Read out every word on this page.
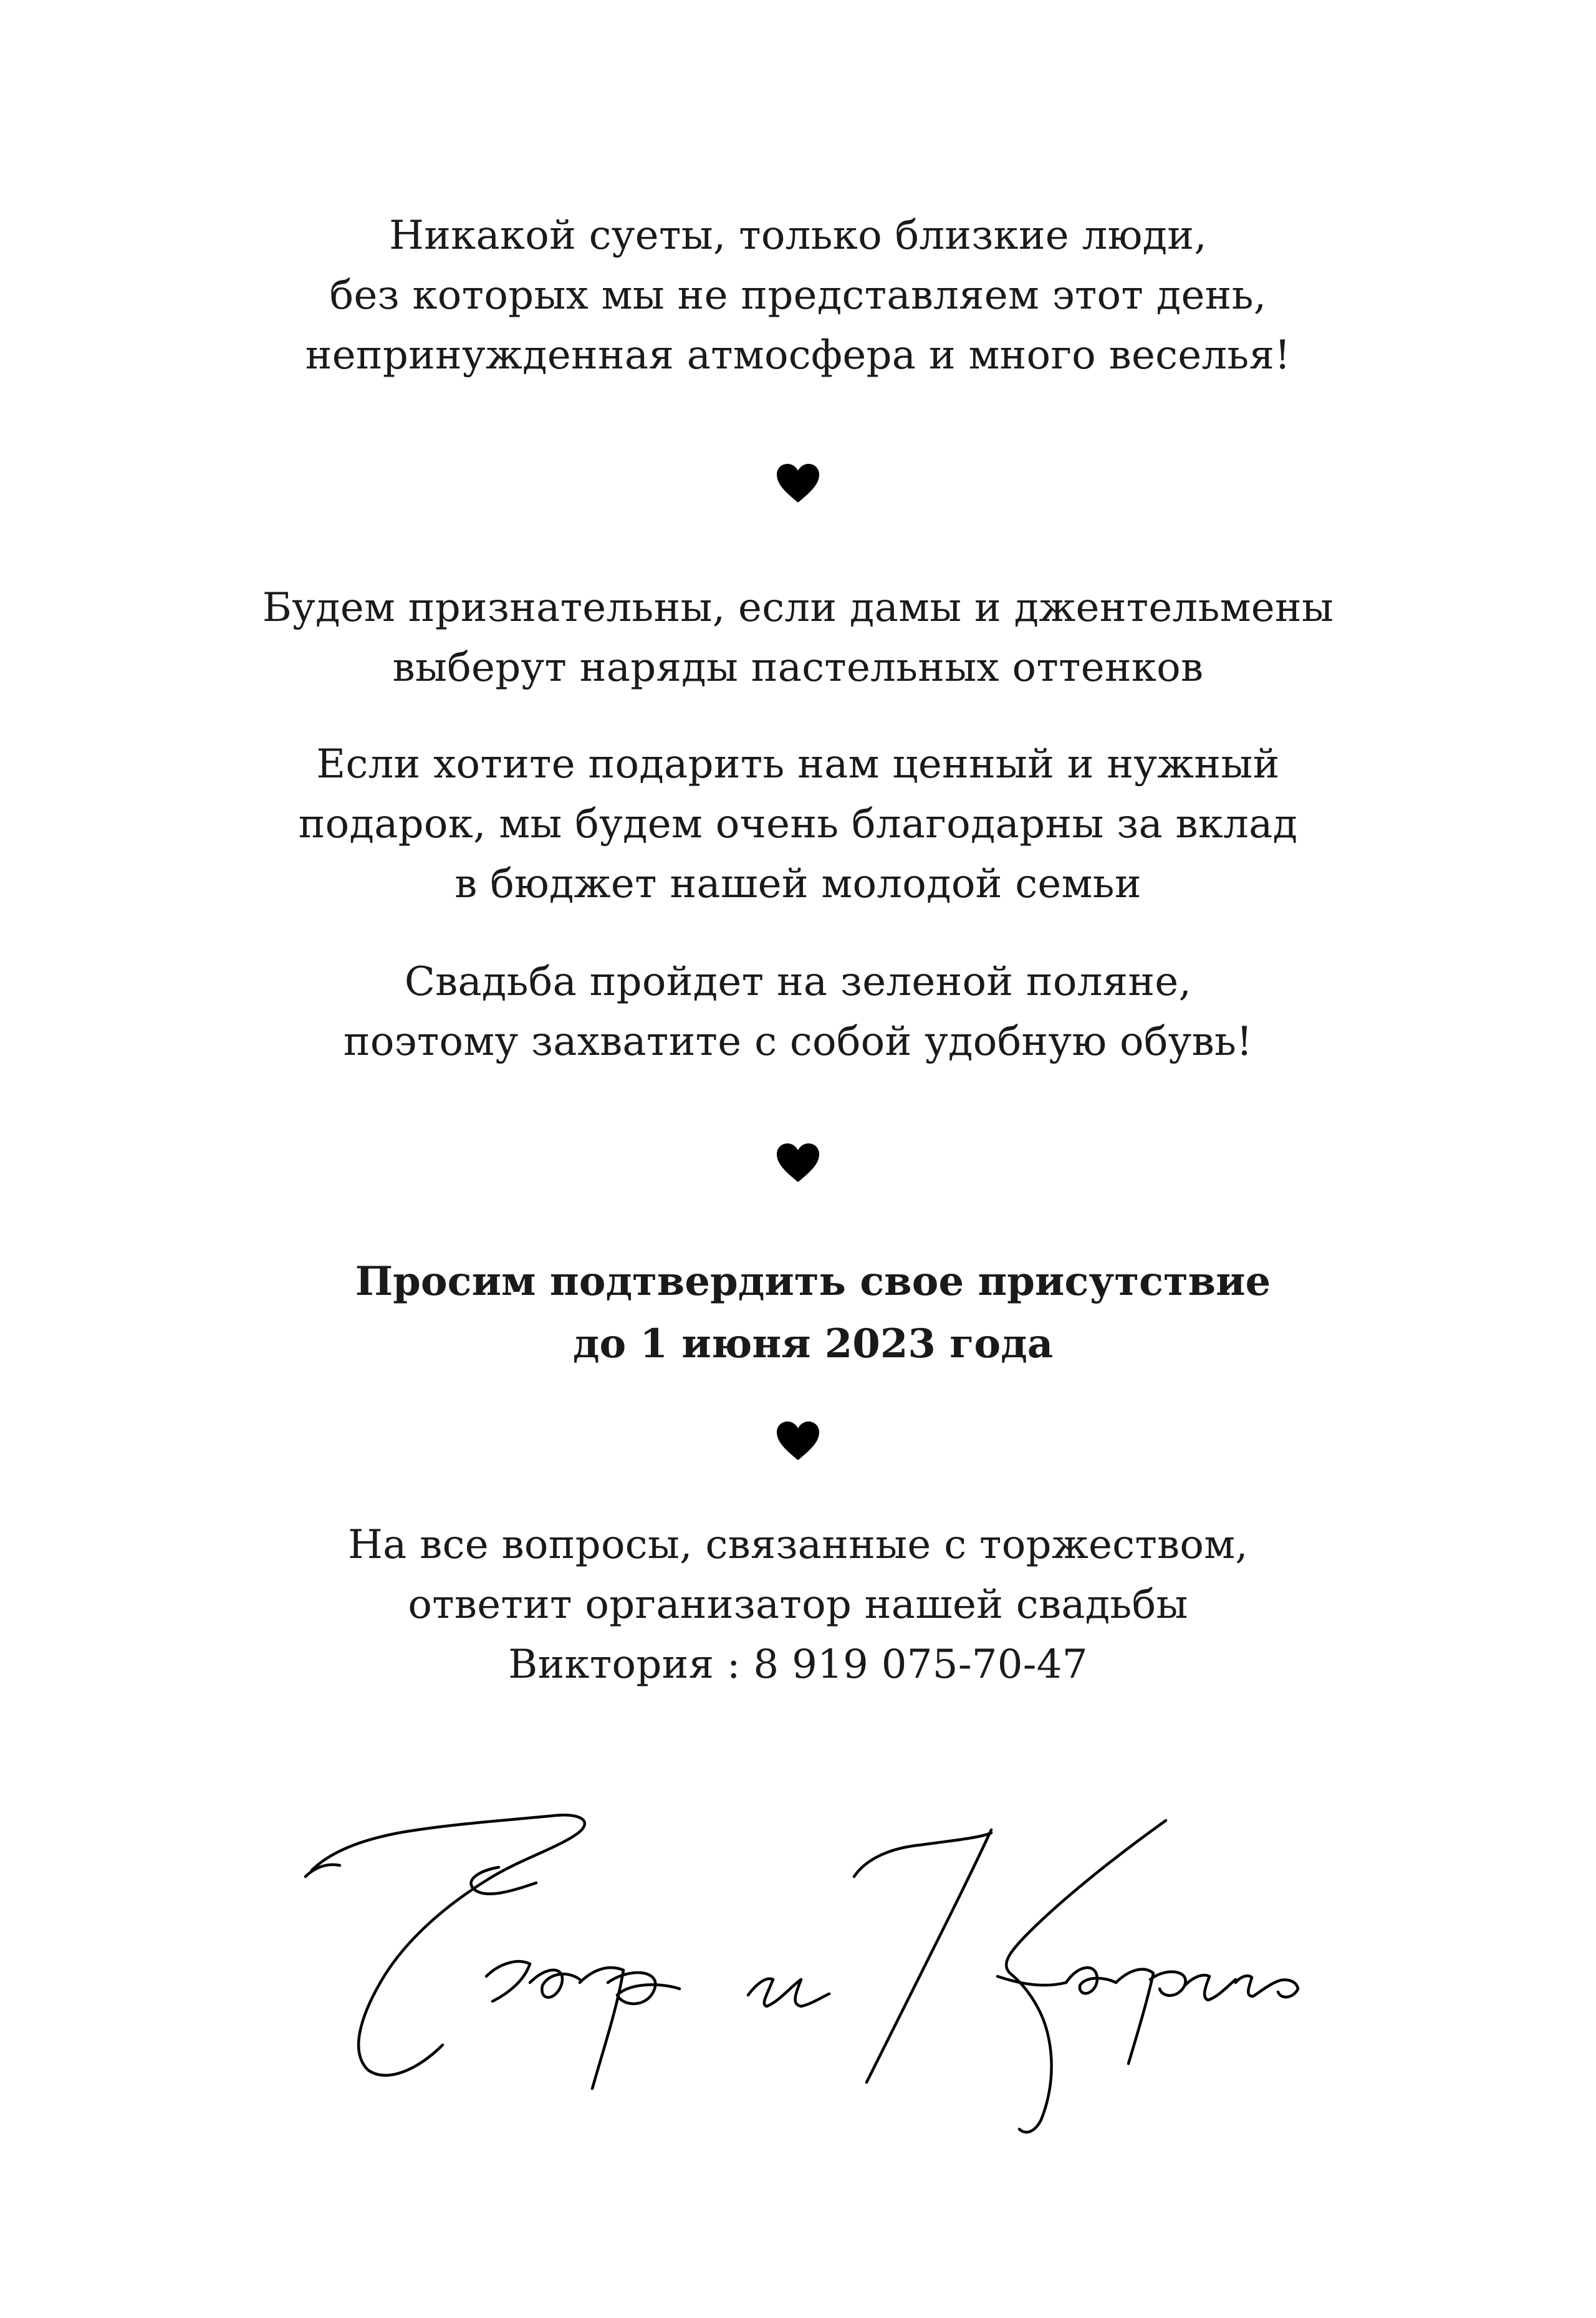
Никакой суеты, только близкие люди,
без которых мы не представляем этот день,
непринужденная атмосфера и много веселья!
Будем признательны, если дамы и джентельмены
выберут наряды пастельных оттенков
Если хотите подарить нам ценный и нужный
подарок, мы будем очень благодарны за вклад
в бюджет нашей молодой семьи
Свадьба пройдет на зеленой поляне,
поэтому захватите с собой удобную обувь!
Просим подтвердить свое присутствие
до 1 июня 2023 года
На все вопросы, связанные с торжеством,
ответит организатор нашей свадьбы
Виктория : 8 919 075-70-47
